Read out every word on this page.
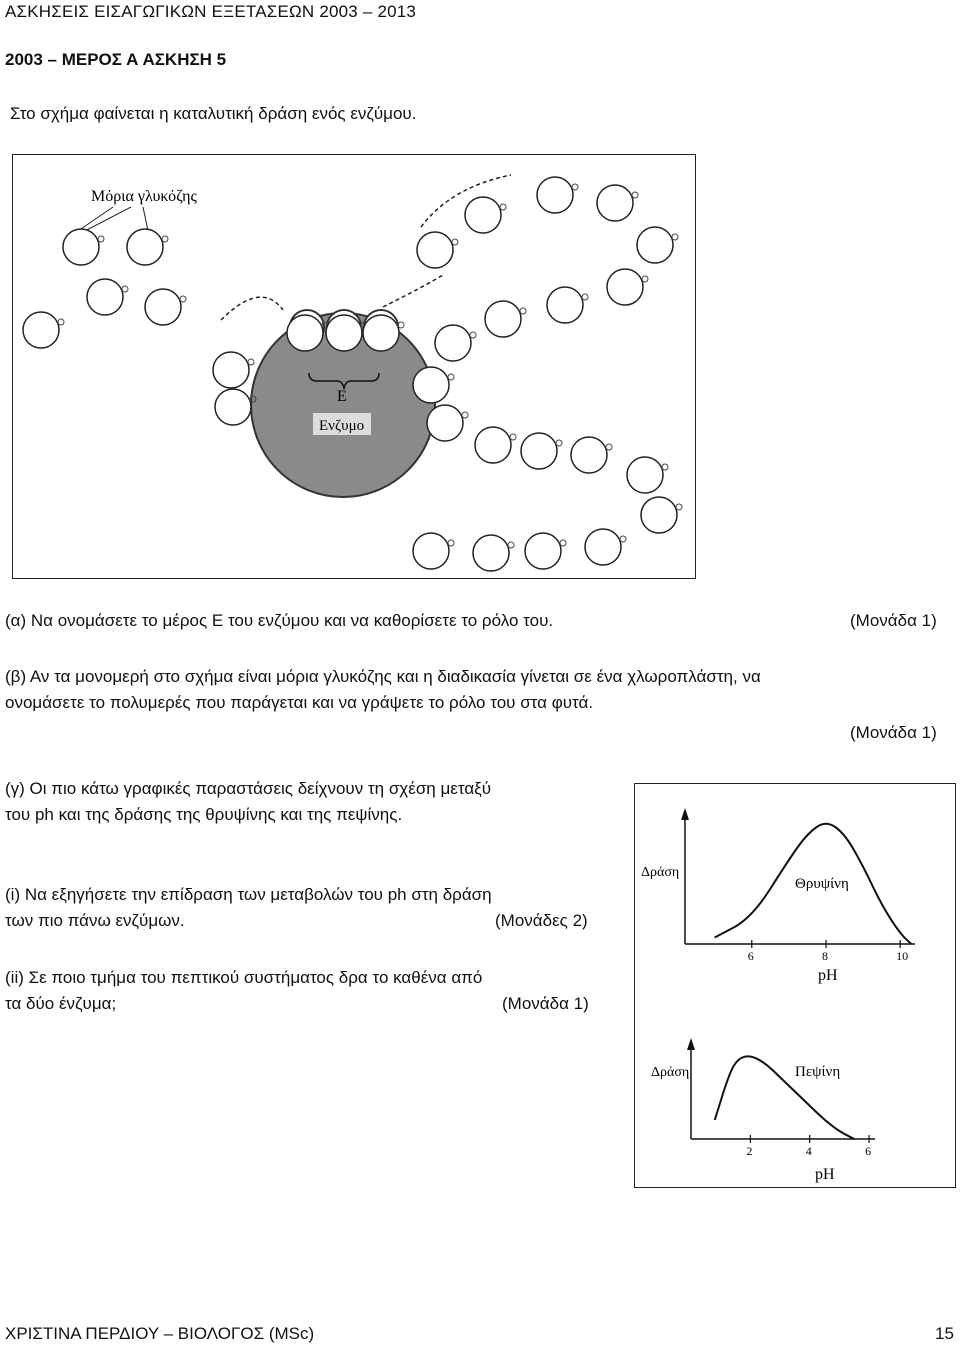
ΑΣΚΗΣΕΙΣ ΕΙΣΑΓΩΓΙΚΩΝ ΕΞΕΤΑΣΕΩΝ 2003 – 2013
2003 – ΜΕΡΟΣ Α ΑΣΚΗΣΗ 5
Στο σχήμα φαίνεται η καταλυτική δράση ενός ενζύμου.
Μόρια γλυκόζης
Ε
Ενζυμο
(α) Να ονομάσετε το μέρος Ε του ενζύμου και να καθορίσετε το ρόλο του.	(Μονάδα 1)
(β) Αν τα μονομερή στο σχήμα είναι μόρια γλυκόζης και η διαδικασία γίνεται σε ένα χλωροπλάστη, να
ονομάσετε το πολυμερές που παράγεται και να γράψετε το ρόλο του στα φυτά.
(Μονάδα 1)
(γ) Οι πιο κάτω γραφικές παραστάσεις δείχνουν τη σχέση μεταξύ
του ph και της δράσης της θρυψίνης και της πεψίνης.
(i) Να εξηγήσετε την επίδραση των μεταβολών του ph στη δράση
των πιο πάνω ενζύμων.	(Μονάδες 2)
(ii) Σε ποιο τμήμα του πεπτικού συστήματος δρα το καθένα από
τα δύο ένζυμα;	(Μονάδα 1)
Δράση
Θρυψίνη
pH
6	8	10
Δράση	Πεψίνη
pH
2	4	6
ΧΡΙΣΤΙΝΑ ΠΕΡΔΙΟΥ – ΒΙΟΛΟΓΟΣ (MSc)	15
